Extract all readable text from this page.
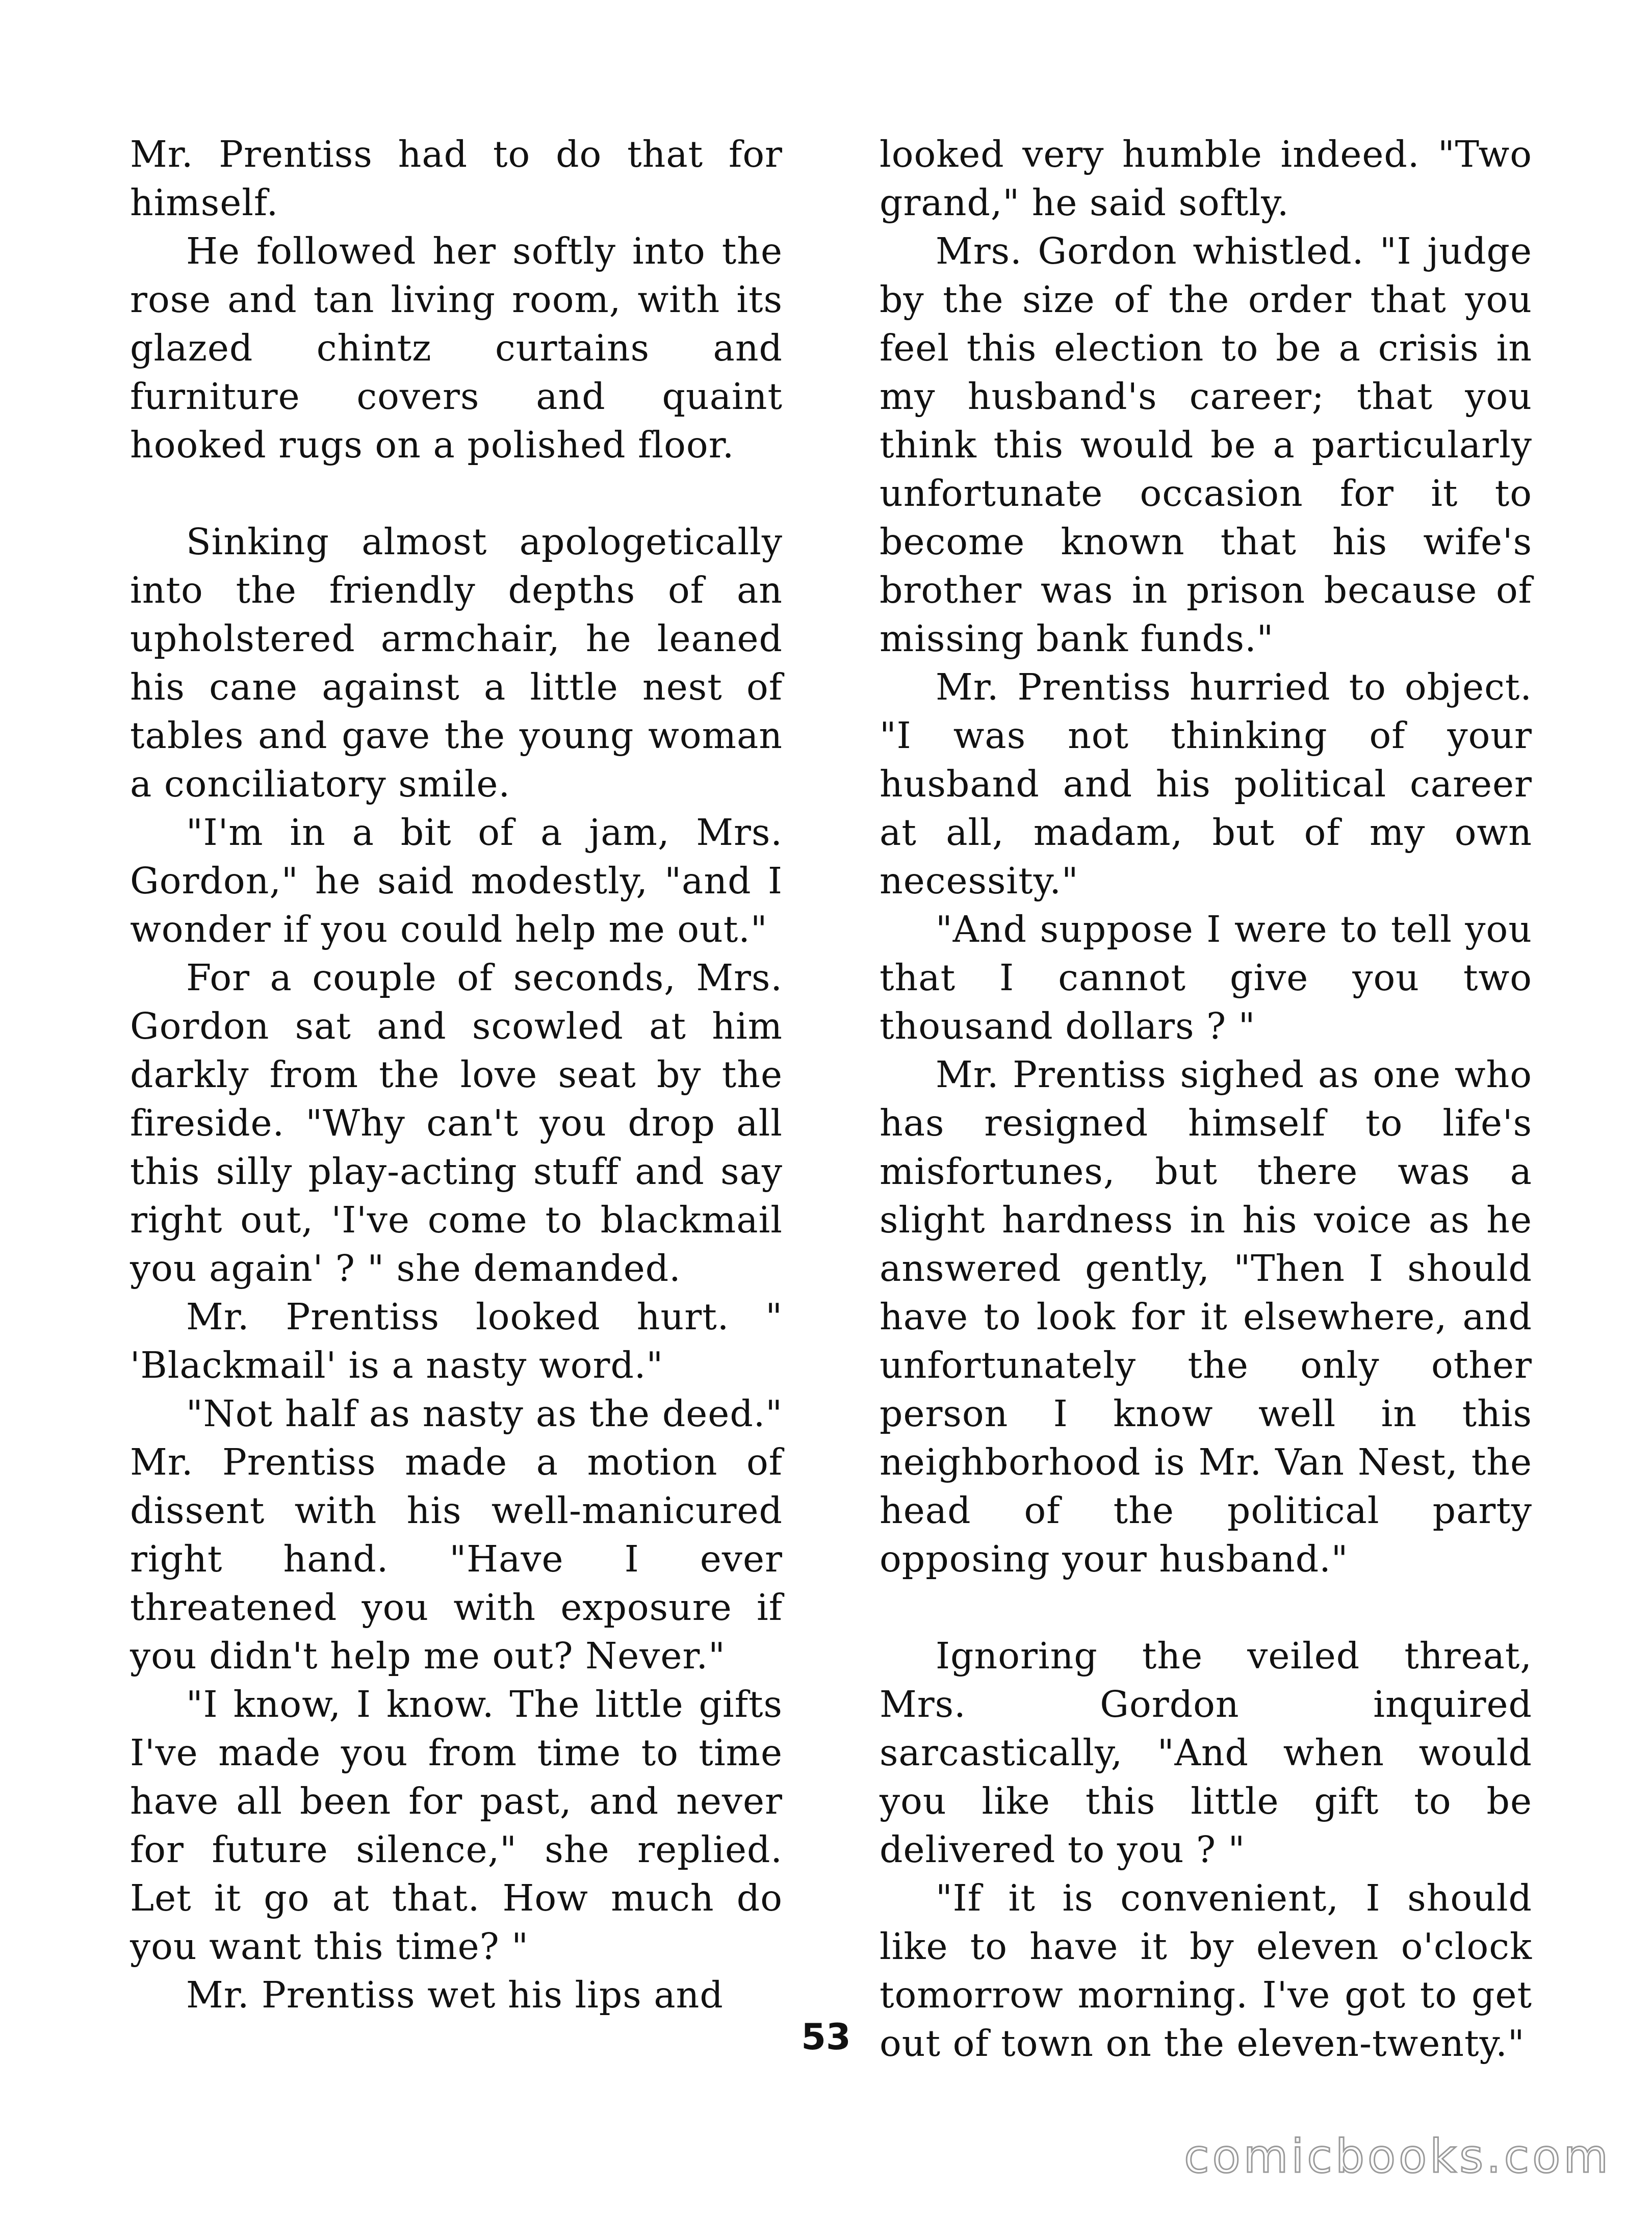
Mr. Prentiss had to do that for himself.

He followed her softly into the rose and tan living room, with its glazed chintz curtains and furniture covers and quaint hooked rugs on a polished floor.

Sinking almost apologetically into the friendly depths of an upholstered armchair, he leaned his cane against a little nest of tables and gave the young woman a conciliatory smile.

"I'm in a bit of a jam, Mrs. Gordon," he said modestly, "and I wonder if you could help me out."

For a couple of seconds, Mrs. Gordon sat and scowled at him darkly from the love seat by the fireside. "Why can't you drop all this silly play-acting stuff and say right out, 'I've come to blackmail you again' ? " she demanded.

Mr. Prentiss looked hurt. " 'Blackmail' is a nasty word."

"Not half as nasty as the deed." Mr. Prentiss made a motion of dissent with his well-manicured right hand. "Have I ever threatened you with exposure if you didn't help me out? Never."

"I know, I know. The little gifts I've made you from time to time have all been for past, and never for future silence," she replied. Let it go at that. How much do you want this time? "

Mr. Prentiss wet his lips and

looked very humble indeed. "Two grand," he said softly.

Mrs. Gordon whistled. "I judge by the size of the order that you feel this election to be a crisis in my husband's career; that you think this would be a particularly unfortunate occasion for it to become known that his wife's brother was in prison because of missing bank funds."

Mr. Prentiss hurried to object. "I was not thinking of your husband and his political career at all, madam, but of my own necessity."

"And suppose I were to tell you that I cannot give you two thousand dollars ? "

Mr. Prentiss sighed as one who has resigned himself to life's misfortunes, but there was a slight hardness in his voice as he answered gently, "Then I should have to look for it elsewhere, and unfortunately the only other person I know well in this neighborhood is Mr. Van Nest, the head of the political party opposing your husband."

Ignoring the veiled threat, Mrs. Gordon inquired sarcastically, "And when would you like this little gift to be delivered to you ? "

"If it is convenient, I should like to have it by eleven o'clock tomorrow morning. I've got to get out of town on the eleven-twenty."

53
comicbooks.com
